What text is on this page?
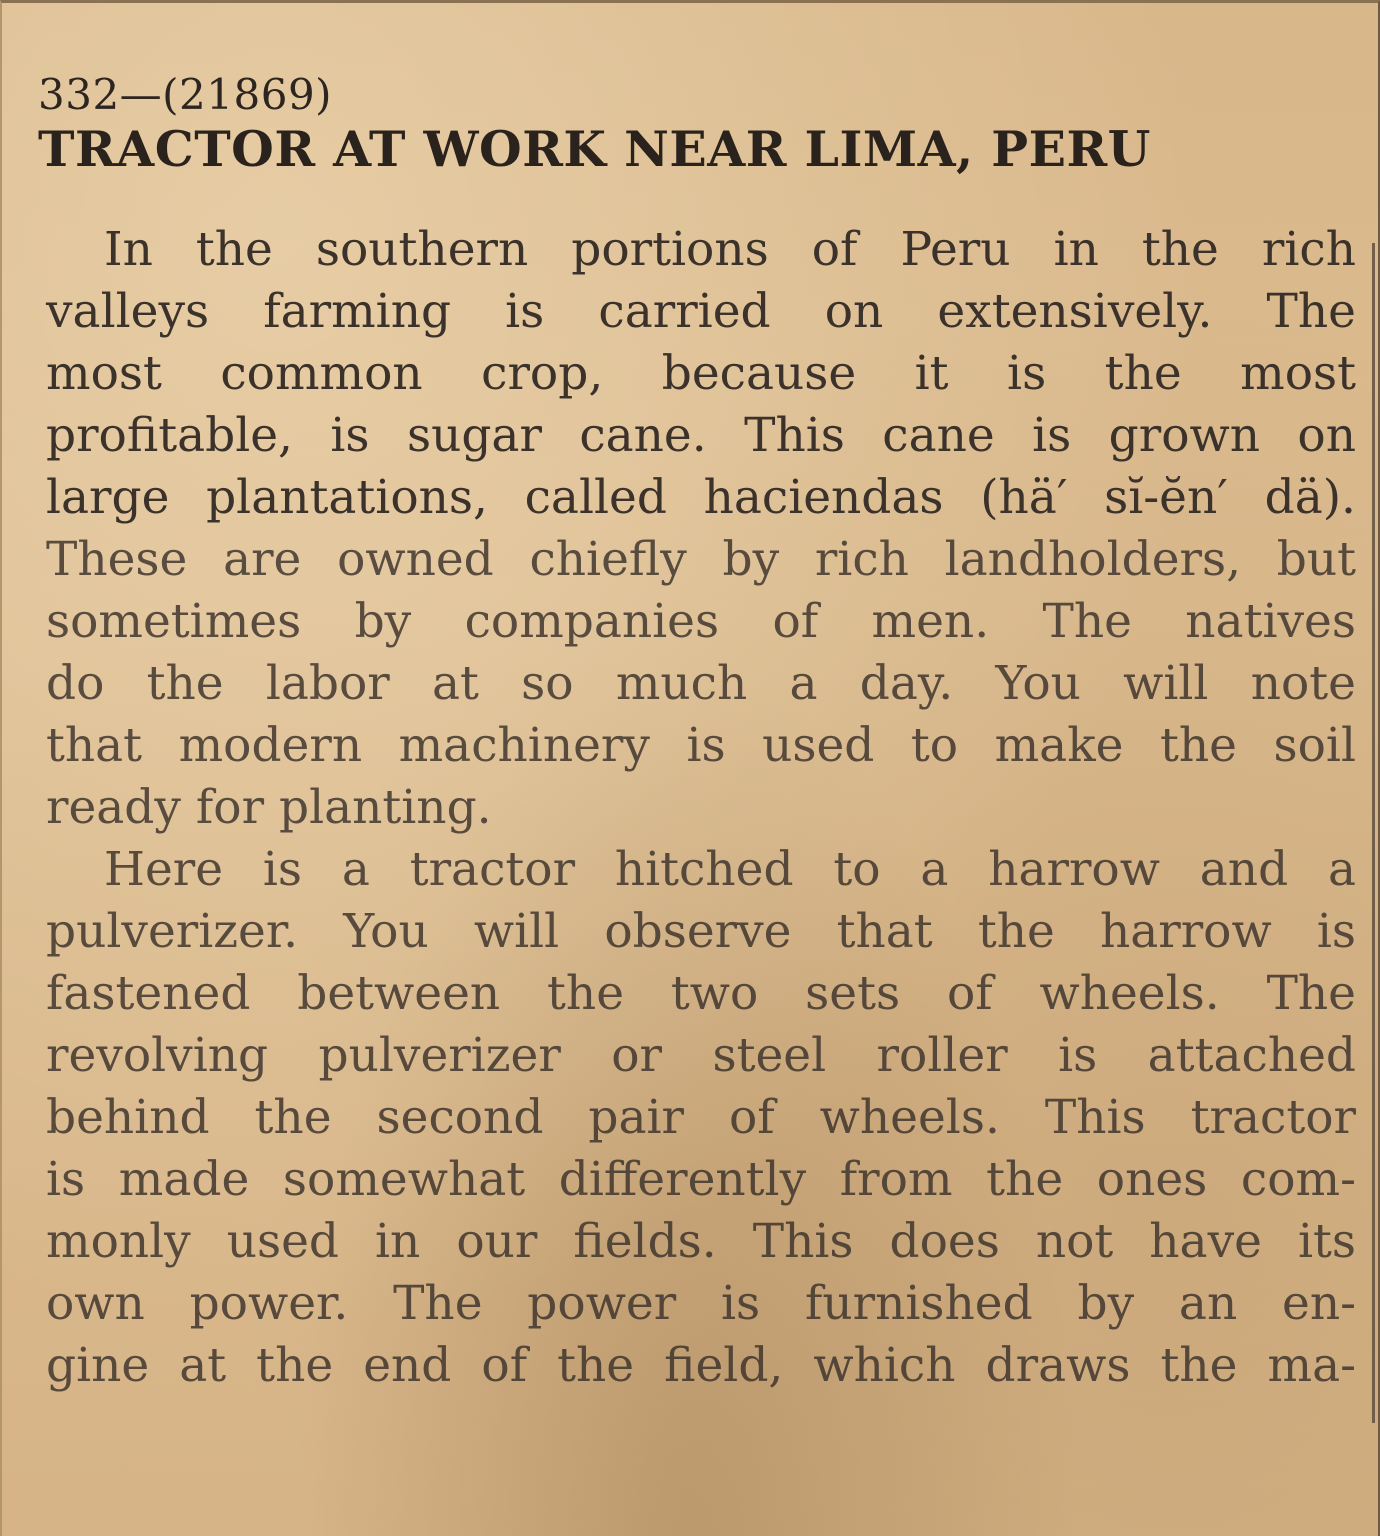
332—(21869)
TRACTOR AT WORK NEAR LIMA, PERU
In the southern portions of Peru in the rich
valleys farming is carried on extensively. The
most common crop, because it is the most
profitable, is sugar cane. This cane is grown on
large plantations, called haciendas (hä′ sĭ-ĕn′ dä).
These are owned chiefly by rich landholders, but
sometimes by companies of men. The natives
do the labor at so much a day. You will note
that modern machinery is used to make the soil
ready for planting.
Here is a tractor hitched to a harrow and a
pulverizer. You will observe that the harrow is
fastened between the two sets of wheels. The
revolving pulverizer or steel roller is attached
behind the second pair of wheels. This tractor
is made somewhat differently from the ones com-
monly used in our fields. This does not have its
own power. The power is furnished by an en-
gine at the end of the field, which draws the ma-
